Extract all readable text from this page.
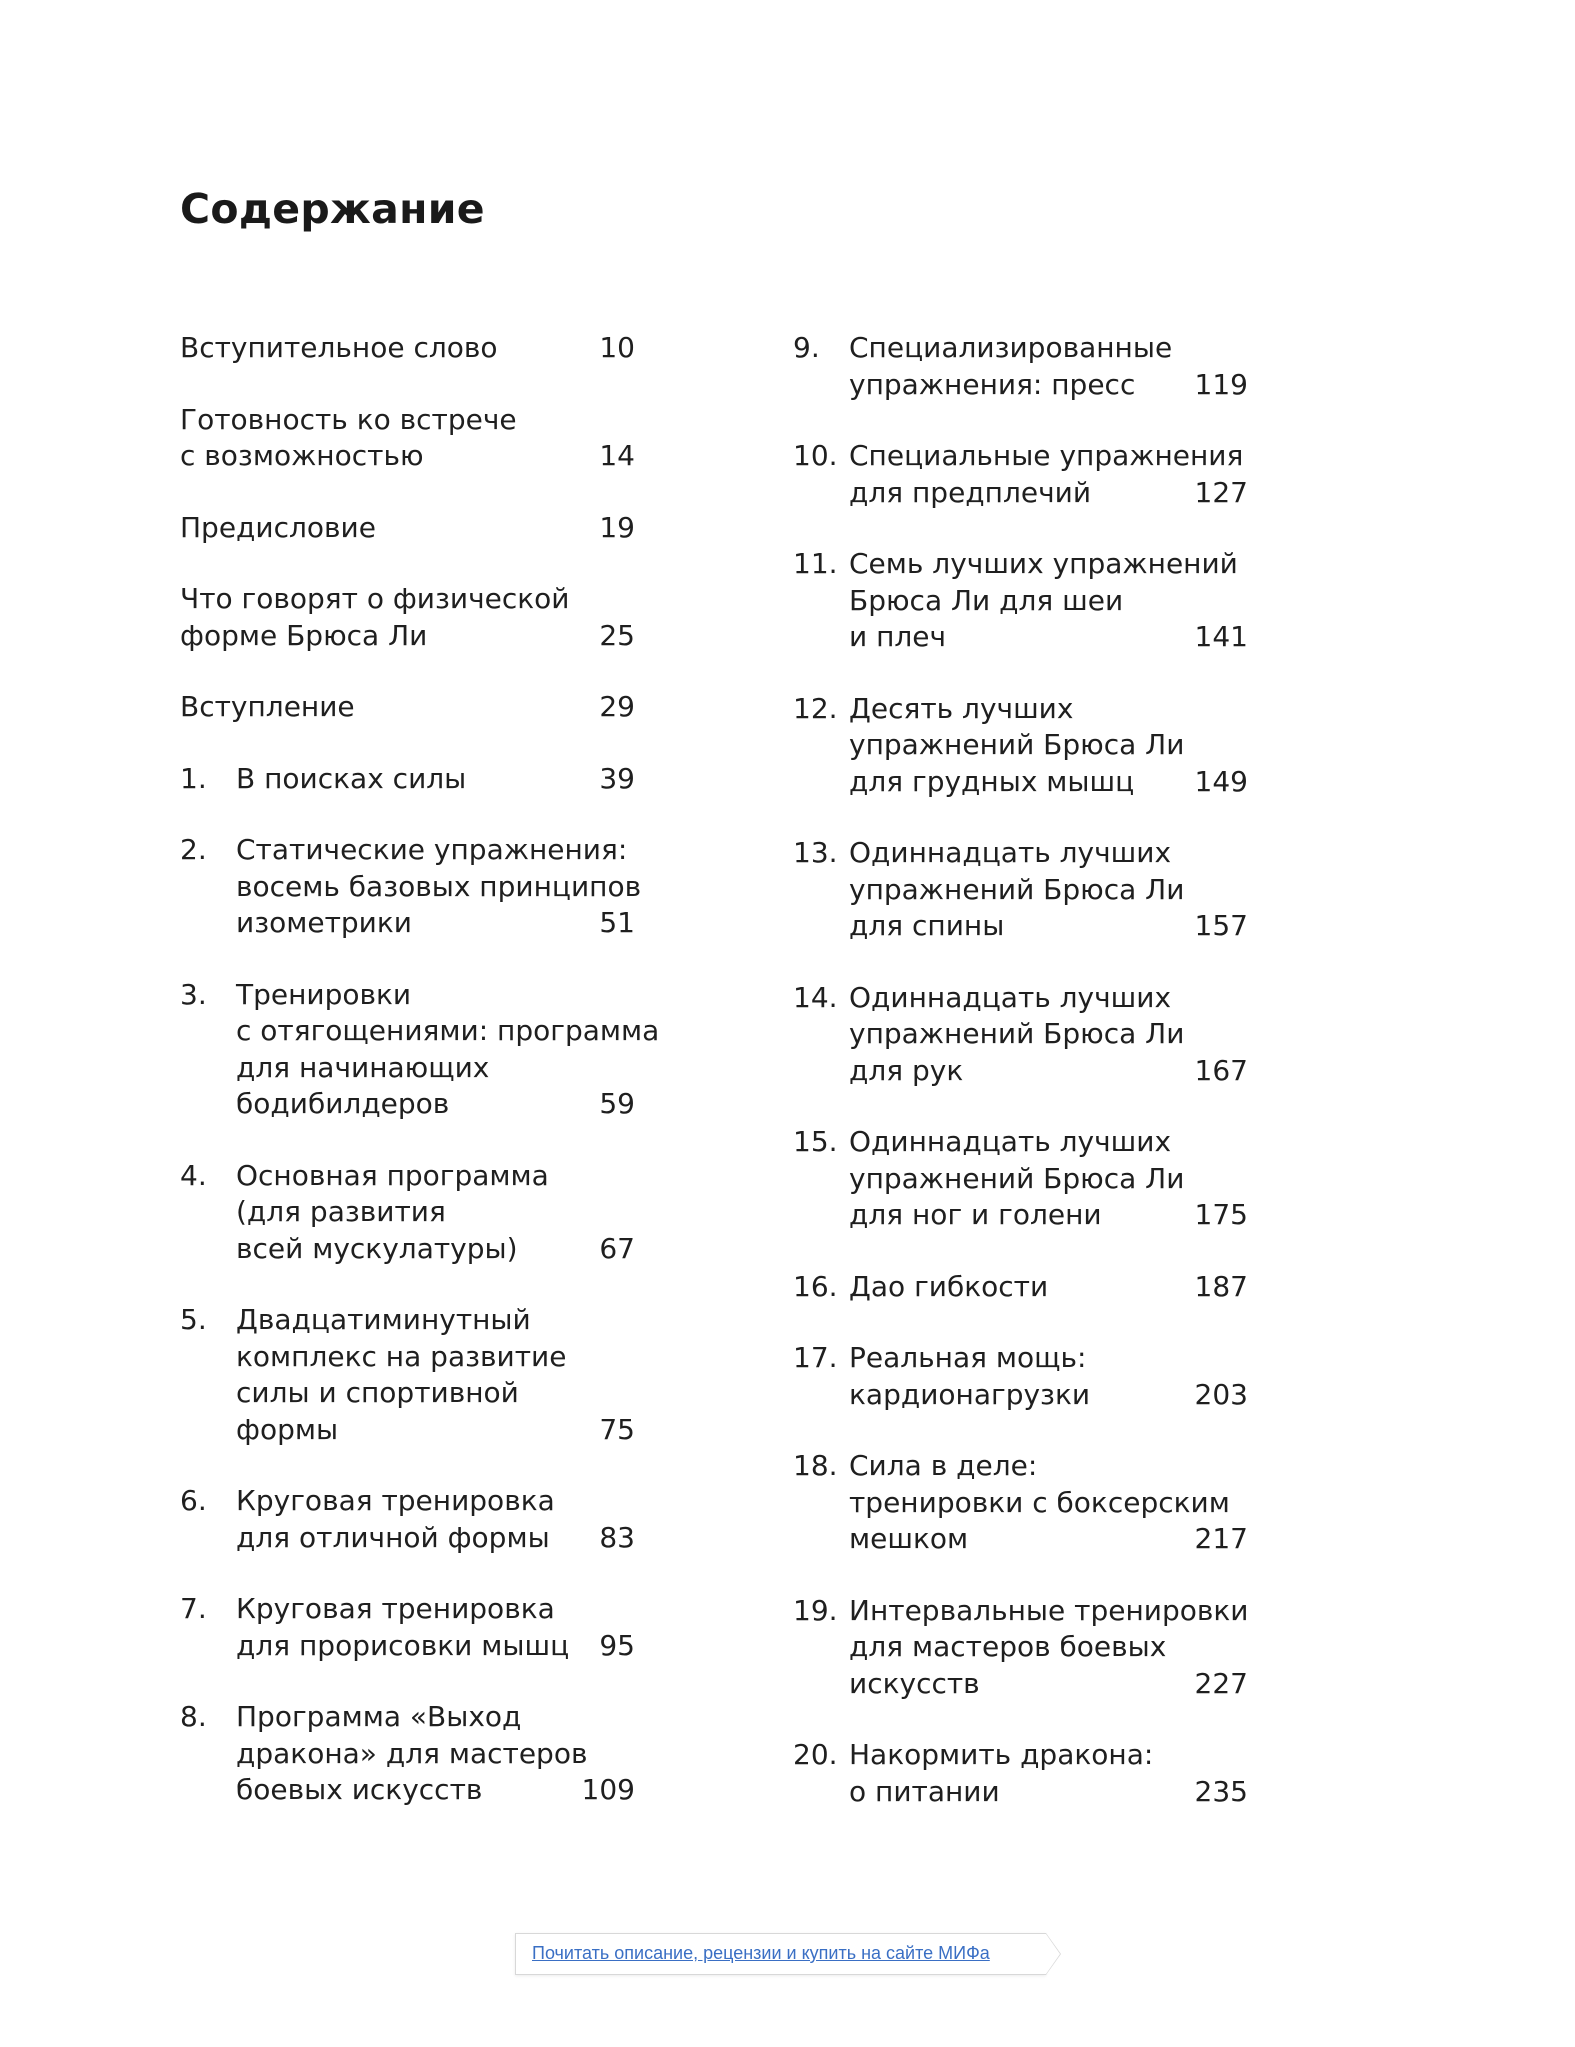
Содержание
Вступительное слово	10
Готовность ко встрече
с возможностью	14
Предисловие	19
Что говорят о физической
форме Брюса Ли	25
Вступление	29
1. В поисках силы	39
2. Статические упражнения:
восемь базовых принципов
изометрики	51
3. Тренировки
с отягощениями: программа
для начинающих
бодибилдеров	59
4. Основная программа
(для развития
всей мускулатуры)	67
5. Двадцатиминутный
комплекс на развитие
силы и спортивной
формы	75
6. Круговая тренировка
для отличной формы	83
7. Круговая тренировка
для прорисовки мышц	95
8. Программа «Выход
дракона» для мастеров
боевых искусств	109
9. Специализированные
упражнения: пресс	119
10. Специальные упражнения
для предплечий	127
11. Семь лучших упражнений
Брюса Ли для шеи
и плеч	141
12. Десять лучших
упражнений Брюса Ли
для грудных мышц	149
13. Одиннадцать лучших
упражнений Брюса Ли
для спины	157
14. Одиннадцать лучших
упражнений Брюса Ли
для рук	167
15. Одиннадцать лучших
упражнений Брюса Ли
для ног и голени	175
16. Дао гибкости	187
17. Реальная мощь:
кардионагрузки	203
18. Сила в деле:
тренировки с боксерским
мешком	217
19. Интервальные тренировки
для мастеров боевых
искусств	227
20. Накормить дракона:
о питании	235
Почитать описание, рецензии и купить на сайте МИФа
